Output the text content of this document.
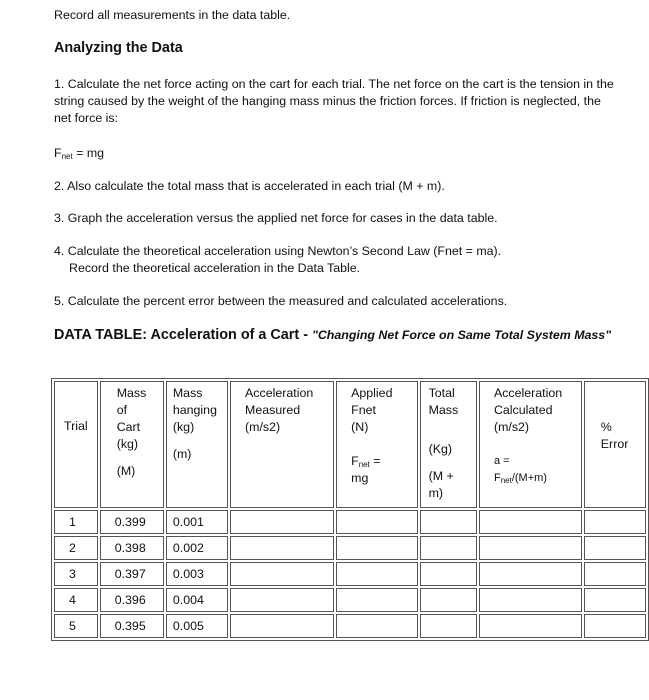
Record all measurements in the data table.
Analyzing the Data
1. Calculate the net force acting on the cart for each trial. The net force on the cart is the tension in the
string caused by the weight of the hanging mass minus the friction forces. If friction is neglected, the
net force is:
$F_{net}$ = mg
2. Also calculate the total mass that is accelerated in each trial (M + m).
3. Graph the acceleration versus the applied net force for cases in the data table.
4. Calculate the theoretical acceleration using Newton’s Second Law (Fnet = ma).
Record the theoretical acceleration in the Data Table.
5. Calculate the percent error between the measured and calculated accelerations.
DATA TABLE: Acceleration of a Cart - "Changing Net Force on Same Total System Mass"
Trial	Mass
of
Cart
(kg)
(M)	Mass
hanging
(kg)
(m)	Acceleration
Measured
(m/s2)	Applied
Fnet
(N)
$F_{net}$ =
mg	Total
Mass
(Kg)
(M +
m)	Acceleration
Calculated
(m/s2)
a =
$F_{net}/(M+m)$	%
Error

1	0.399	0.001					
2	0.398	0.002					
3	0.397	0.003					
4	0.396	0.004					
5	0.395	0.005					
